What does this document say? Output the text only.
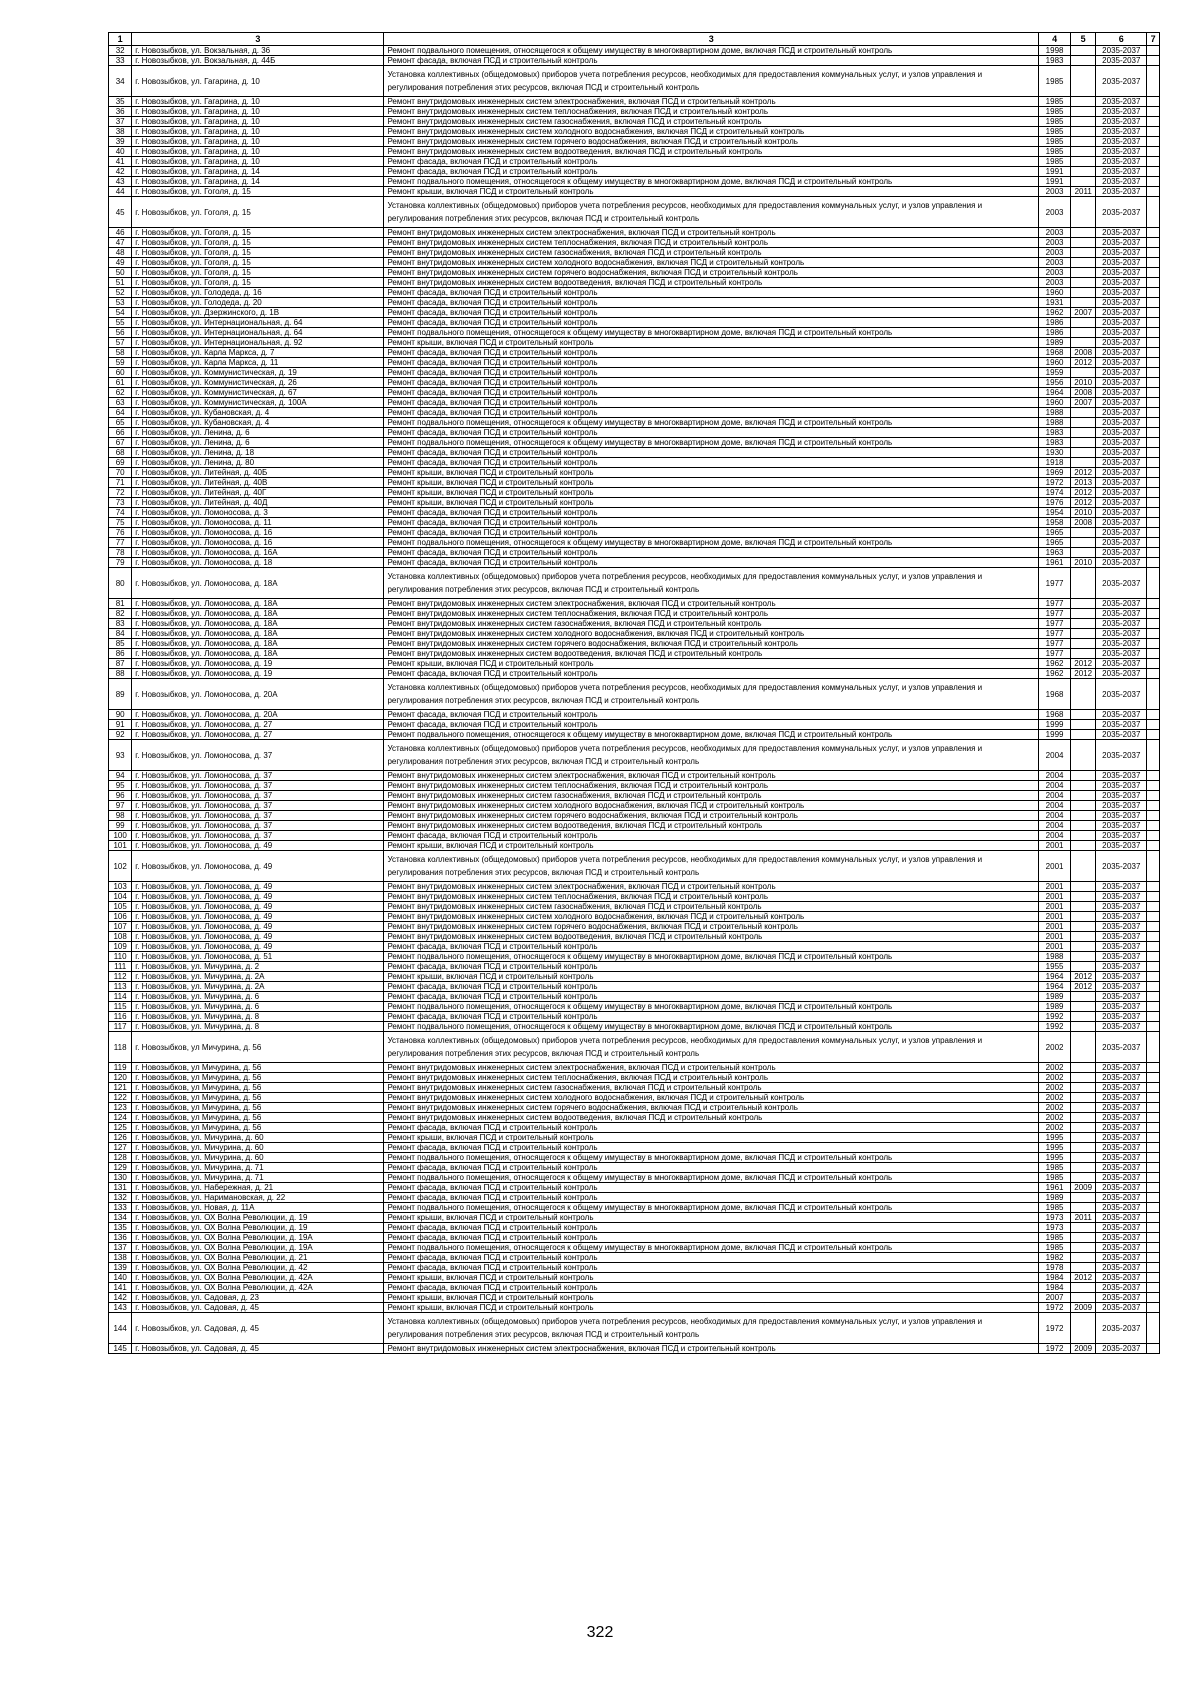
1	3	3	4	5	6	7
32	г. Новозыбков, ул. Вокзальная, д. 36	Ремонт подвального помещения, относящегося к общему имуществу в многоквартирном доме, включая ПСД и строительный контроль	1998		2035-2037	
33	г. Новозыбков, ул. Вокзальная, д. 44Б	Ремонт фасада, включая ПСД и строительный контроль	1983		2035-2037	
34	г. Новозыбков, ул. Гагарина, д. 10	Установка коллективных (общедомовых) приборов учета потребления ресурсов, необходимых для предоставления коммунальных услуг, и узлов управления и регулирования потребления этих ресурсов, включая ПСД и строительный контроль	1985		2035-2037	
35	г. Новозыбков, ул. Гагарина, д. 10	Ремонт внутридомовых инженерных систем электроснабжения, включая ПСД и строительный контроль	1985		2035-2037	
36	г. Новозыбков, ул. Гагарина, д. 10	Ремонт внутридомовых инженерных систем теплоснабжения, включая ПСД и строительный контроль	1985		2035-2037	
37	г. Новозыбков, ул. Гагарина, д. 10	Ремонт внутридомовых инженерных систем газоснабжения, включая ПСД и строительный контроль	1985		2035-2037	
38	г. Новозыбков, ул. Гагарина, д. 10	Ремонт внутридомовых инженерных систем холодного водоснабжения, включая ПСД и строительный контроль	1985		2035-2037	
39	г. Новозыбков, ул. Гагарина, д. 10	Ремонт внутридомовых инженерных систем горячего водоснабжения, включая ПСД и строительный контроль	1985		2035-2037	
40	г. Новозыбков, ул. Гагарина, д. 10	Ремонт внутридомовых инженерных систем водоотведения, включая ПСД и строительный контроль	1985		2035-2037	
41	г. Новозыбков, ул. Гагарина, д. 10	Ремонт фасада, включая ПСД и строительный контроль	1985		2035-2037	
42	г. Новозыбков, ул. Гагарина, д. 14	Ремонт фасада, включая ПСД и строительный контроль	1991		2035-2037	
43	г. Новозыбков, ул. Гагарина, д. 14	Ремонт подвального помещения, относящегося к общему имуществу в многоквартирном доме, включая ПСД и строительный контроль	1991		2035-2037	
44	г. Новозыбков, ул. Гоголя, д. 15	Ремонт крыши, включая ПСД и строительный контроль	2003	2011	2035-2037	
45	г. Новозыбков, ул. Гоголя, д. 15	Установка коллективных (общедомовых) приборов учета потребления ресурсов, необходимых для предоставления коммунальных услуг, и узлов управления и регулирования потребления этих ресурсов, включая ПСД и строительный контроль	2003		2035-2037	
46	г. Новозыбков, ул. Гоголя, д. 15	Ремонт внутридомовых инженерных систем электроснабжения, включая ПСД и строительный контроль	2003		2035-2037	
47	г. Новозыбков, ул. Гоголя, д. 15	Ремонт внутридомовых инженерных систем теплоснабжения, включая ПСД и строительный контроль	2003		2035-2037	
48	г. Новозыбков, ул. Гоголя, д. 15	Ремонт внутридомовых инженерных систем газоснабжения, включая ПСД и строительный контроль	2003		2035-2037	
49	г. Новозыбков, ул. Гоголя, д. 15	Ремонт внутридомовых инженерных систем холодного водоснабжения, включая ПСД и строительный контроль	2003		2035-2037	
50	г. Новозыбков, ул. Гоголя, д. 15	Ремонт внутридомовых инженерных систем горячего водоснабжения, включая ПСД и строительный контроль	2003		2035-2037	
51	г. Новозыбков, ул. Гоголя, д. 15	Ремонт внутридомовых инженерных систем водоотведения, включая ПСД и строительный контроль	2003		2035-2037	
52	г. Новозыбков, ул. Голодеда, д. 16	Ремонт фасада, включая ПСД и строительный контроль	1960		2035-2037	
53	г. Новозыбков, ул. Голодеда, д. 20	Ремонт фасада, включая ПСД и строительный контроль	1931		2035-2037	
54	г. Новозыбков, ул. Дзержинского, д. 1В	Ремонт фасада, включая ПСД и строительный контроль	1962	2007	2035-2037	
55	г. Новозыбков, ул. Интернациональная, д. 64	Ремонт фасада, включая ПСД и строительный контроль	1986		2035-2037	
56	г. Новозыбков, ул. Интернациональная, д. 64	Ремонт подвального помещения, относящегося к общему имуществу в многоквартирном доме, включая ПСД и строительный контроль	1986		2035-2037	
57	г. Новозыбков, ул. Интернациональная, д. 92	Ремонт крыши, включая ПСД и строительный контроль	1989		2035-2037	
58	г. Новозыбков, ул. Карла Маркса, д. 7	Ремонт фасада, включая ПСД и строительный контроль	1968	2008	2035-2037	
59	г. Новозыбков, ул. Карла Маркса, д. 11	Ремонт фасада, включая ПСД и строительный контроль	1960	2012	2035-2037	
60	г. Новозыбков, ул. Коммунистическая, д. 19	Ремонт фасада, включая ПСД и строительный контроль	1959		2035-2037	
61	г. Новозыбков, ул. Коммунистическая, д. 26	Ремонт фасада, включая ПСД и строительный контроль	1956	2010	2035-2037	
62	г. Новозыбков, ул. Коммунистическая, д. 67	Ремонт фасада, включая ПСД и строительный контроль	1964	2008	2035-2037	
63	г. Новозыбков, ул. Коммунистическая, д. 100А	Ремонт фасада, включая ПСД и строительный контроль	1960	2007	2035-2037	
64	г. Новозыбков, ул. Кубановская, д. 4	Ремонт фасада, включая ПСД и строительный контроль	1988		2035-2037	
65	г. Новозыбков, ул. Кубановская, д. 4	Ремонт подвального помещения, относящегося к общему имуществу в многоквартирном доме, включая ПСД и строительный контроль	1988		2035-2037	
66	г. Новозыбков, ул. Ленина, д. 6	Ремонт фасада, включая ПСД и строительный контроль	1983		2035-2037	
67	г. Новозыбков, ул. Ленина, д. 6	Ремонт подвального помещения, относящегося к общему имуществу в многоквартирном доме, включая ПСД и строительный контроль	1983		2035-2037	
68	г. Новозыбков, ул. Ленина, д. 18	Ремонт фасада, включая ПСД и строительный контроль	1930		2035-2037	
69	г. Новозыбков, ул. Ленина, д. 80	Ремонт фасада, включая ПСД и строительный контроль	1918		2035-2037	
70	г. Новозыбков, ул. Литейная, д. 40Б	Ремонт крыши, включая ПСД и строительный контроль	1969	2012	2035-2037	
71	г. Новозыбков, ул. Литейная, д. 40В	Ремонт крыши, включая ПСД и строительный контроль	1972	2013	2035-2037	
72	г. Новозыбков, ул. Литейная, д. 40Г	Ремонт крыши, включая ПСД и строительный контроль	1974	2012	2035-2037	
73	г. Новозыбков, ул. Литейная, д. 40Д	Ремонт крыши, включая ПСД и строительный контроль	1976	2012	2035-2037	
74	г. Новозыбков, ул. Ломоносова, д. 3	Ремонт фасада, включая ПСД и строительный контроль	1954	2010	2035-2037	
75	г. Новозыбков, ул. Ломоносова, д. 11	Ремонт фасада, включая ПСД и строительный контроль	1958	2008	2035-2037	
76	г. Новозыбков, ул. Ломоносова, д. 16	Ремонт фасада, включая ПСД и строительный контроль	1965		2035-2037	
77	г. Новозыбков, ул. Ломоносова, д. 16	Ремонт подвального помещения, относящегося к общему имуществу в многоквартирном доме, включая ПСД и строительный контроль	1965		2035-2037	
78	г. Новозыбков, ул. Ломоносова, д. 16А	Ремонт фасада, включая ПСД и строительный контроль	1963		2035-2037	
79	г. Новозыбков, ул. Ломоносова, д. 18	Ремонт фасада, включая ПСД и строительный контроль	1961	2010	2035-2037	
80	г. Новозыбков, ул. Ломоносова, д. 18А	Установка коллективных (общедомовых) приборов учета потребления ресурсов, необходимых для предоставления коммунальных услуг, и узлов управления и регулирования потребления этих ресурсов, включая ПСД и строительный контроль	1977		2035-2037	
81	г. Новозыбков, ул. Ломоносова, д. 18А	Ремонт внутридомовых инженерных систем электроснабжения, включая ПСД и строительный контроль	1977		2035-2037	
82	г. Новозыбков, ул. Ломоносова, д. 18А	Ремонт внутридомовых инженерных систем теплоснабжения, включая ПСД и строительный контроль	1977		2035-2037	
83	г. Новозыбков, ул. Ломоносова, д. 18А	Ремонт внутридомовых инженерных систем газоснабжения, включая ПСД и строительный контроль	1977		2035-2037	
84	г. Новозыбков, ул. Ломоносова, д. 18А	Ремонт внутридомовых инженерных систем холодного водоснабжения, включая ПСД и строительный контроль	1977		2035-2037	
85	г. Новозыбков, ул. Ломоносова, д. 18А	Ремонт внутридомовых инженерных систем горячего водоснабжения, включая ПСД и строительный контроль	1977		2035-2037	
86	г. Новозыбков, ул. Ломоносова, д. 18А	Ремонт внутридомовых инженерных систем водоотведения, включая ПСД и строительный контроль	1977		2035-2037	
87	г. Новозыбков, ул. Ломоносова, д. 19	Ремонт крыши, включая ПСД и строительный контроль	1962	2012	2035-2037	
88	г. Новозыбков, ул. Ломоносова, д. 19	Ремонт фасада, включая ПСД и строительный контроль	1962	2012	2035-2037	
89	г. Новозыбков, ул. Ломоносова, д. 20А	Установка коллективных (общедомовых) приборов учета потребления ресурсов, необходимых для предоставления коммунальных услуг, и узлов управления и регулирования потребления этих ресурсов, включая ПСД и строительный контроль	1968		2035-2037	
90	г. Новозыбков, ул. Ломоносова, д. 20А	Ремонт фасада, включая ПСД и строительный контроль	1968		2035-2037	
91	г. Новозыбков, ул. Ломоносова, д. 27	Ремонт фасада, включая ПСД и строительный контроль	1999		2035-2037	
92	г. Новозыбков, ул. Ломоносова, д. 27	Ремонт подвального помещения, относящегося к общему имуществу в многоквартирном доме, включая ПСД и строительный контроль	1999		2035-2037	
93	г. Новозыбков, ул. Ломоносова, д. 37	Установка коллективных (общедомовых) приборов учета потребления ресурсов, необходимых для предоставления коммунальных услуг, и узлов управления и регулирования потребления этих ресурсов, включая ПСД и строительный контроль	2004		2035-2037	
94	г. Новозыбков, ул. Ломоносова, д. 37	Ремонт внутридомовых инженерных систем электроснабжения, включая ПСД и строительный контроль	2004		2035-2037	
95	г. Новозыбков, ул. Ломоносова, д. 37	Ремонт внутридомовых инженерных систем теплоснабжения, включая ПСД и строительный контроль	2004		2035-2037	
96	г. Новозыбков, ул. Ломоносова, д. 37	Ремонт внутридомовых инженерных систем газоснабжения, включая ПСД и строительный контроль	2004		2035-2037	
97	г. Новозыбков, ул. Ломоносова, д. 37	Ремонт внутридомовых инженерных систем холодного водоснабжения, включая ПСД и строительный контроль	2004		2035-2037	
98	г. Новозыбков, ул. Ломоносова, д. 37	Ремонт внутридомовых инженерных систем горячего водоснабжения, включая ПСД и строительный контроль	2004		2035-2037	
99	г. Новозыбков, ул. Ломоносова, д. 37	Ремонт внутридомовых инженерных систем водоотведения, включая ПСД и строительный контроль	2004		2035-2037	
100	г. Новозыбков, ул. Ломоносова, д. 37	Ремонт фасада, включая ПСД и строительный контроль	2004		2035-2037	
101	г. Новозыбков, ул. Ломоносова, д. 49	Ремонт крыши, включая ПСД и строительный контроль	2001		2035-2037	
102	г. Новозыбков, ул. Ломоносова, д. 49	Установка коллективных (общедомовых) приборов учета потребления ресурсов, необходимых для предоставления коммунальных услуг, и узлов управления и регулирования потребления этих ресурсов, включая ПСД и строительный контроль	2001		2035-2037	
103	г. Новозыбков, ул. Ломоносова, д. 49	Ремонт внутридомовых инженерных систем электроснабжения, включая ПСД и строительный контроль	2001		2035-2037	
104	г. Новозыбков, ул. Ломоносова, д. 49	Ремонт внутридомовых инженерных систем теплоснабжения, включая ПСД и строительный контроль	2001		2035-2037	
105	г. Новозыбков, ул. Ломоносова, д. 49	Ремонт внутридомовых инженерных систем газоснабжения, включая ПСД и строительный контроль	2001		2035-2037	
106	г. Новозыбков, ул. Ломоносова, д. 49	Ремонт внутридомовых инженерных систем холодного водоснабжения, включая ПСД и строительный контроль	2001		2035-2037	
107	г. Новозыбков, ул. Ломоносова, д. 49	Ремонт внутридомовых инженерных систем горячего водоснабжения, включая ПСД и строительный контроль	2001		2035-2037	
108	г. Новозыбков, ул. Ломоносова, д. 49	Ремонт внутридомовых инженерных систем водоотведения, включая ПСД и строительный контроль	2001		2035-2037	
109	г. Новозыбков, ул. Ломоносова, д. 49	Ремонт фасада, включая ПСД и строительный контроль	2001		2035-2037	
110	г. Новозыбков, ул. Ломоносова, д. 51	Ремонт подвального помещения, относящегося к общему имуществу в многоквартирном доме, включая ПСД и строительный контроль	1988		2035-2037	
111	г. Новозыбков, ул. Мичурина, д. 2	Ремонт фасада, включая ПСД и строительный контроль	1955		2035-2037	
112	г. Новозыбков, ул. Мичурина, д. 2А	Ремонт крыши, включая ПСД и строительный контроль	1964	2012	2035-2037	
113	г. Новозыбков, ул. Мичурина, д. 2А	Ремонт фасада, включая ПСД и строительный контроль	1964	2012	2035-2037	
114	г. Новозыбков, ул. Мичурина, д. 6	Ремонт фасада, включая ПСД и строительный контроль	1989		2035-2037	
115	г. Новозыбков, ул. Мичурина, д. 6	Ремонт подвального помещения, относящегося к общему имуществу в многоквартирном доме, включая ПСД и строительный контроль	1989		2035-2037	
116	г. Новозыбков, ул. Мичурина, д. 8	Ремонт фасада, включая ПСД и строительный контроль	1992		2035-2037	
117	г. Новозыбков, ул. Мичурина, д. 8	Ремонт подвального помещения, относящегося к общему имуществу в многоквартирном доме, включая ПСД и строительный контроль	1992		2035-2037	
118	г. Новозыбков, ул Мичурина, д. 56	Установка коллективных (общедомовых) приборов учета потребления ресурсов, необходимых для предоставления коммунальных услуг, и узлов управления и регулирования потребления этих ресурсов, включая ПСД и строительный контроль	2002		2035-2037	
119	г. Новозыбков, ул Мичурина, д. 56	Ремонт внутридомовых инженерных систем электроснабжения, включая ПСД и строительный контроль	2002		2035-2037	
120	г. Новозыбков, ул Мичурина, д. 56	Ремонт внутридомовых инженерных систем теплоснабжения, включая ПСД и строительный контроль	2002		2035-2037	
121	г. Новозыбков, ул Мичурина, д. 56	Ремонт внутридомовых инженерных систем газоснабжения, включая ПСД и строительный контроль	2002		2035-2037	
122	г. Новозыбков, ул Мичурина, д. 56	Ремонт внутридомовых инженерных систем холодного водоснабжения, включая ПСД и строительный контроль	2002		2035-2037	
123	г. Новозыбков, ул Мичурина, д. 56	Ремонт внутридомовых инженерных систем горячего водоснабжения, включая ПСД и строительный контроль	2002		2035-2037	
124	г. Новозыбков, ул Мичурина, д. 56	Ремонт внутридомовых инженерных систем водоотведения, включая ПСД и строительный контроль	2002		2035-2037	
125	г. Новозыбков, ул Мичурина, д. 56	Ремонт фасада, включая ПСД и строительный контроль	2002		2035-2037	
126	г. Новозыбков, ул. Мичурина, д. 60	Ремонт крыши, включая ПСД и строительный контроль	1995		2035-2037	
127	г. Новозыбков, ул. Мичурина, д. 60	Ремонт фасада, включая ПСД и строительный контроль	1995		2035-2037	
128	г. Новозыбков, ул. Мичурина, д. 60	Ремонт подвального помещения, относящегося к общему имуществу в многоквартирном доме, включая ПСД и строительный контроль	1995		2035-2037	
129	г. Новозыбков, ул. Мичурина, д. 71	Ремонт фасада, включая ПСД и строительный контроль	1985		2035-2037	
130	г. Новозыбков, ул. Мичурина, д. 71	Ремонт подвального помещения, относящегося к общему имуществу в многоквартирном доме, включая ПСД и строительный контроль	1985		2035-2037	
131	г. Новозыбков, ул. Набережная, д. 21	Ремонт фасада, включая ПСД и строительный контроль	1961	2009	2035-2037	
132	г. Новозыбков, ул. Наримановская, д. 22	Ремонт фасада, включая ПСД и строительный контроль	1989		2035-2037	
133	г. Новозыбков, ул. Новая, д. 11А	Ремонт подвального помещения, относящегося к общему имуществу в многоквартирном доме, включая ПСД и строительный контроль	1985		2035-2037	
134	г. Новозыбков, ул. ОХ Волна Революции, д. 19	Ремонт крыши, включая ПСД и строительный контроль	1973	2011	2035-2037	
135	г. Новозыбков, ул. ОХ Волна Революции, д. 19	Ремонт фасада, включая ПСД и строительный контроль	1973		2035-2037	
136	г. Новозыбков, ул. ОХ Волна Революции, д. 19А	Ремонт фасада, включая ПСД и строительный контроль	1985		2035-2037	
137	г. Новозыбков, ул. ОХ Волна Революции, д. 19А	Ремонт подвального помещения, относящегося к общему имуществу в многоквартирном доме, включая ПСД и строительный контроль	1985		2035-2037	
138	г. Новозыбков, ул. ОХ Волна Революции, д. 21	Ремонт фасада, включая ПСД и строительный контроль	1982		2035-2037	
139	г. Новозыбков, ул. ОХ Волна Революции, д. 42	Ремонт фасада, включая ПСД и строительный контроль	1978		2035-2037	
140	г. Новозыбков, ул. ОХ Волна Революции, д. 42А	Ремонт крыши, включая ПСД и строительный контроль	1984	2012	2035-2037	
141	г. Новозыбков, ул. ОХ Волна Революции, д. 42А	Ремонт фасада, включая ПСД и строительный контроль	1984		2035-2037	
142	г. Новозыбков, ул. Садовая, д. 23	Ремонт крыши, включая ПСД и строительный контроль	2007		2035-2037	
143	г. Новозыбков, ул. Садовая, д. 45	Ремонт крыши, включая ПСД и строительный контроль	1972	2009	2035-2037	
144	г. Новозыбков, ул. Садовая, д. 45	Установка коллективных (общедомовых) приборов учета потребления ресурсов, необходимых для предоставления коммунальных услуг, и узлов управления и регулирования потребления этих ресурсов, включая ПСД и строительный контроль	1972		2035-2037	
145	г. Новозыбков, ул. Садовая, д. 45	Ремонт внутридомовых инженерных систем электроснабжения, включая ПСД и строительный контроль	1972	2009	2035-2037	
322
